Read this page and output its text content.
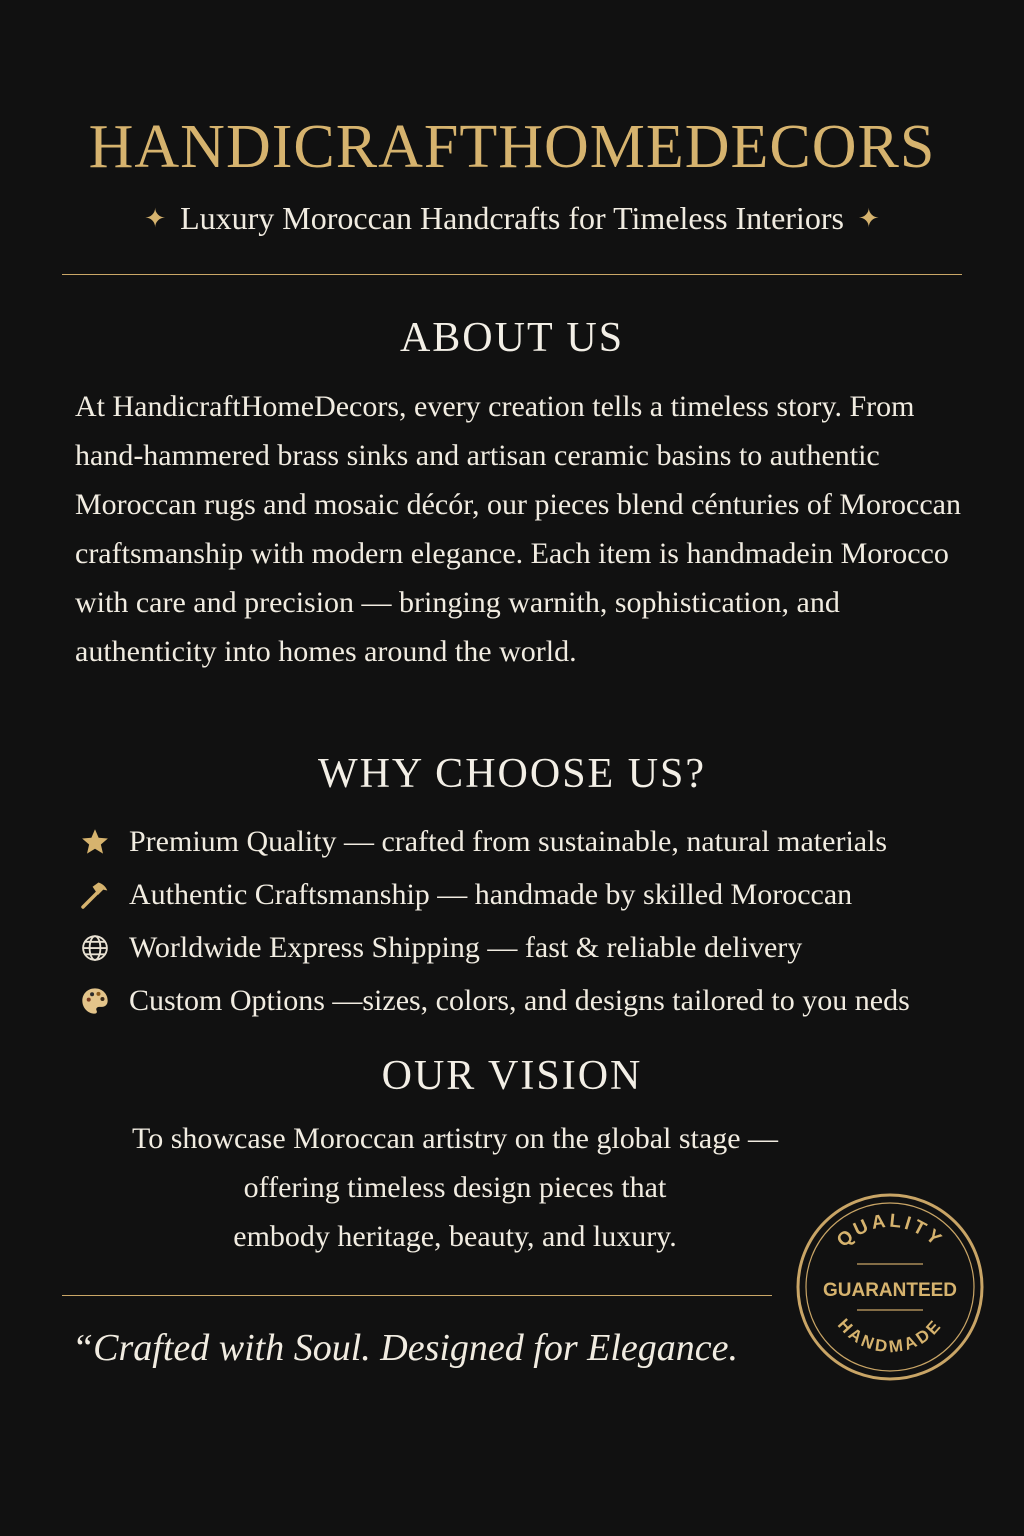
HANDICRAFTHOMEDECORS
✦ Luxury Moroccan Handcrafts for Timeless Interiors ✦
ABOUT US

At HandicraftHomeDecors, every creation tells a timeless story. From hand-hammered brass sinks and artisan ceramic basins to authentic Moroccan rugs and mosaic décór, our pieces blend cénturies of Moroccan craftsmanship with modern elegance. Each item is handmadein Morocco with care and precision — bringing warnith, sophistication, and authenticity into homes around the world.

WHY CHOOSE US?
Premium Quality — crafted from sustainable, natural materials
Authentic Craftsmanship — handmade by skilled Moroccan
Worldwide Express Shipping — fast & reliable delivery
Custom Options —sizes, colors, and designs tailored to you neds
OUR VISION
To showcase Moroccan artistry on the global stage —
offering timeless design pieces that
embody heritage, beauty, and luxury.
“Crafted with Soul. Designed for Elegance.
QUALITY
GUARANTEED
HANDMADE
